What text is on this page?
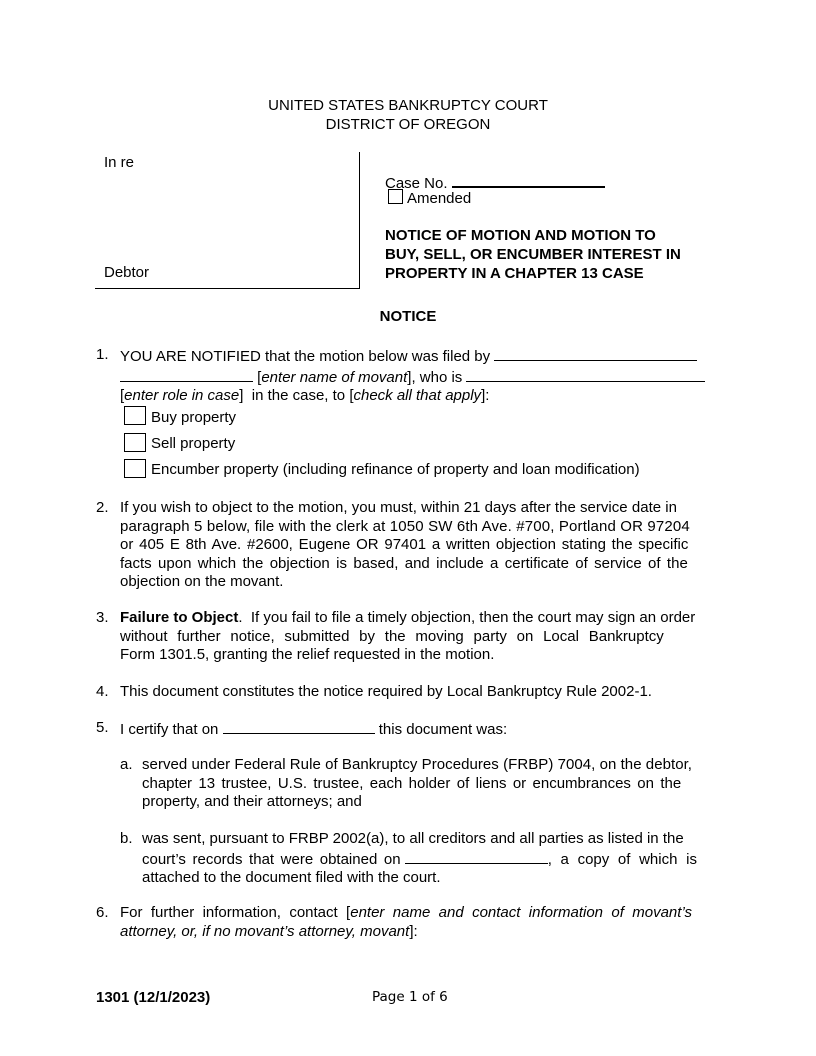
UNITED STATES BANKRUPTCY COURT
DISTRICT OF OREGON
In re
Debtor
Case No.
Amended
NOTICE OF MOTION AND MOTION TO
BUY, SELL, OR ENCUMBER INTEREST IN
PROPERTY IN A CHAPTER 13 CASE
NOTICE
1. YOU ARE NOTIFIED that the motion below was filed by
[enter name of movant], who is
[enter role in case]  in the case, to [check all that apply]:
Buy property
Sell property
Encumber property (including refinance of property and loan modification)
2. If you wish to object to the motion, you must, within 21 days after the service date in
paragraph 5 below, file with the clerk at 1050 SW 6th Ave. #700, Portland OR 97204
or 405 E 8th Ave. #2600, Eugene OR 97401 a written objection stating the specific
facts upon which the objection is based, and include a certificate of service of the
objection on the movant.
3. Failure to Object.  If you fail to file a timely objection, then the court may sign an order
without further notice, submitted by the moving party on Local Bankruptcy
Form 1301.5, granting the relief requested in the motion.
4. This document constitutes the notice required by Local Bankruptcy Rule 2002-1.
5. I certify that on	this document was:
a. served under Federal Rule of Bankruptcy Procedures (FRBP) 7004, on the debtor,
chapter 13 trustee, U.S. trustee, each holder of liens or encumbrances on the
property, and their attorneys; and
b. was sent, pursuant to FRBP 2002(a), to all creditors and all parties as listed in the
court’s records that were obtained on	, a copy of which is
attached to the document filed with the court.
6. For further information, contact [enter name and contact information of movant’s
attorney, or, if no movant’s attorney, movant]:
1301 (12/1/2023)	Page 1 of 6
